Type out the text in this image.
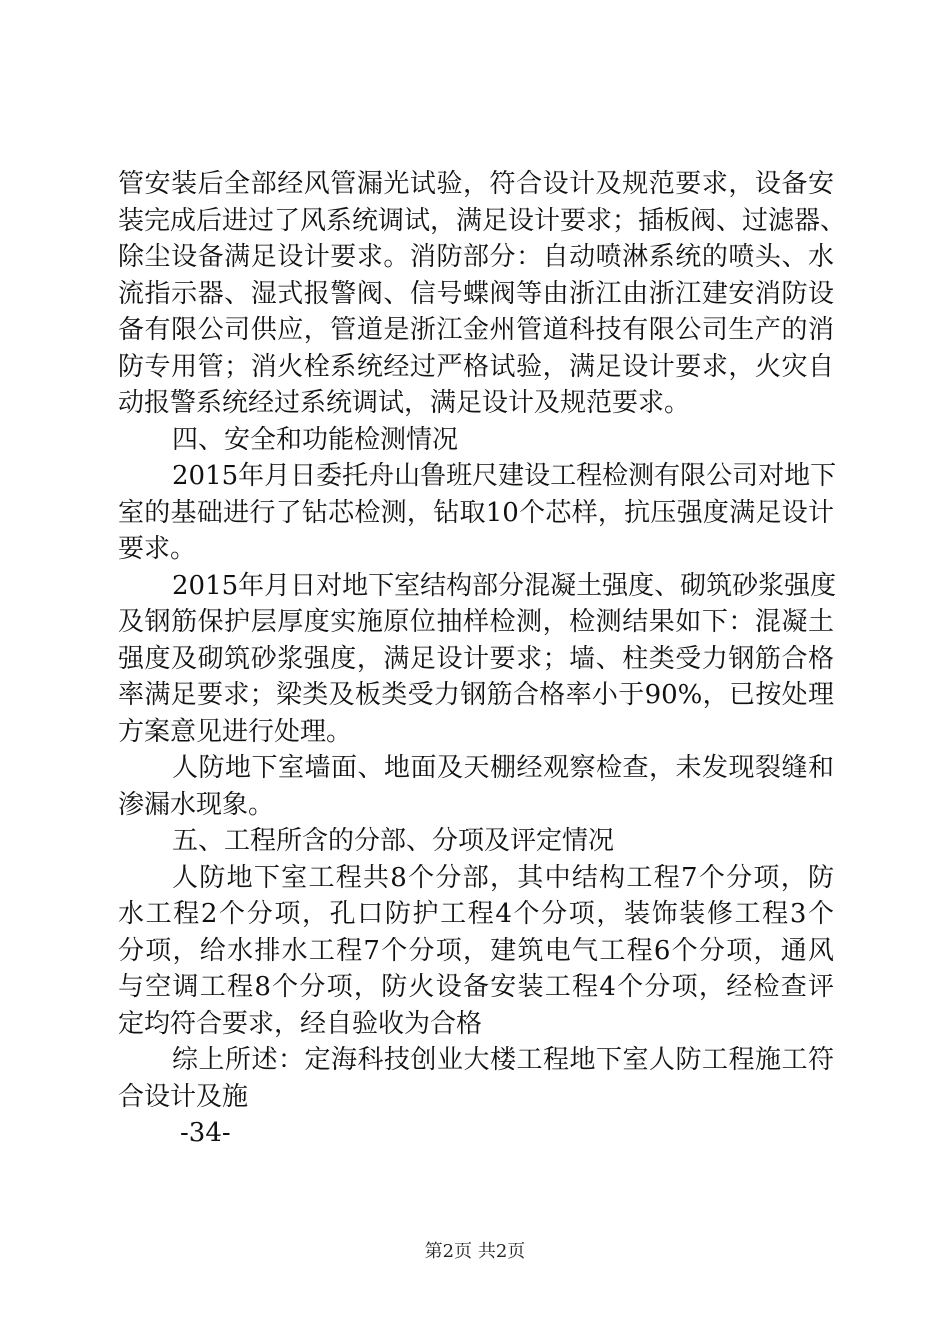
管安装后全部经风管漏光试验，符合设计及规范要求，设备安
装完成后进过了风系统调试，满足设计要求；插板阀、过滤器、
除尘设备满足设计要求。消防部分：自动喷淋系统的喷头、水
流指示器、湿式报警阀、信号蝶阀等由浙江由浙江建安消防设
备有限公司供应，管道是浙江金州管道科技有限公司生产的消
防专用管；消火栓系统经过严格试验，满足设计要求，火灾自
动报警系统经过系统调试，满足设计及规范要求。
四、安全和功能检测情况
2015年月日委托舟山鲁班尺建设工程检测有限公司对地下
室的基础进行了钻芯检测，钻取10个芯样，抗压强度满足设计
要求。
2015年月日对地下室结构部分混凝土强度、砌筑砂浆强度
及钢筋保护层厚度实施原位抽样检测，检测结果如下：混凝土
强度及砌筑砂浆强度，满足设计要求；墙、柱类受力钢筋合格
率满足要求；梁类及板类受力钢筋合格率小于90%，已按处理
方案意见进行处理。
人防地下室墙面、地面及天棚经观察检查，未发现裂缝和
渗漏水现象。
五、工程所含的分部、分项及评定情况
人防地下室工程共8个分部，其中结构工程7个分项，防
水工程2个分项，孔口防护工程4个分项，装饰装修工程3个
分项，给水排水工程7个分项，建筑电气工程6个分项，通风
与空调工程8个分项，防火设备安装工程4个分项，经检查评
定均符合要求，经自验收为合格
综上所述：定海科技创业大楼工程地下室人防工程施工符
合设计及施
-34-
第2页 共2页
